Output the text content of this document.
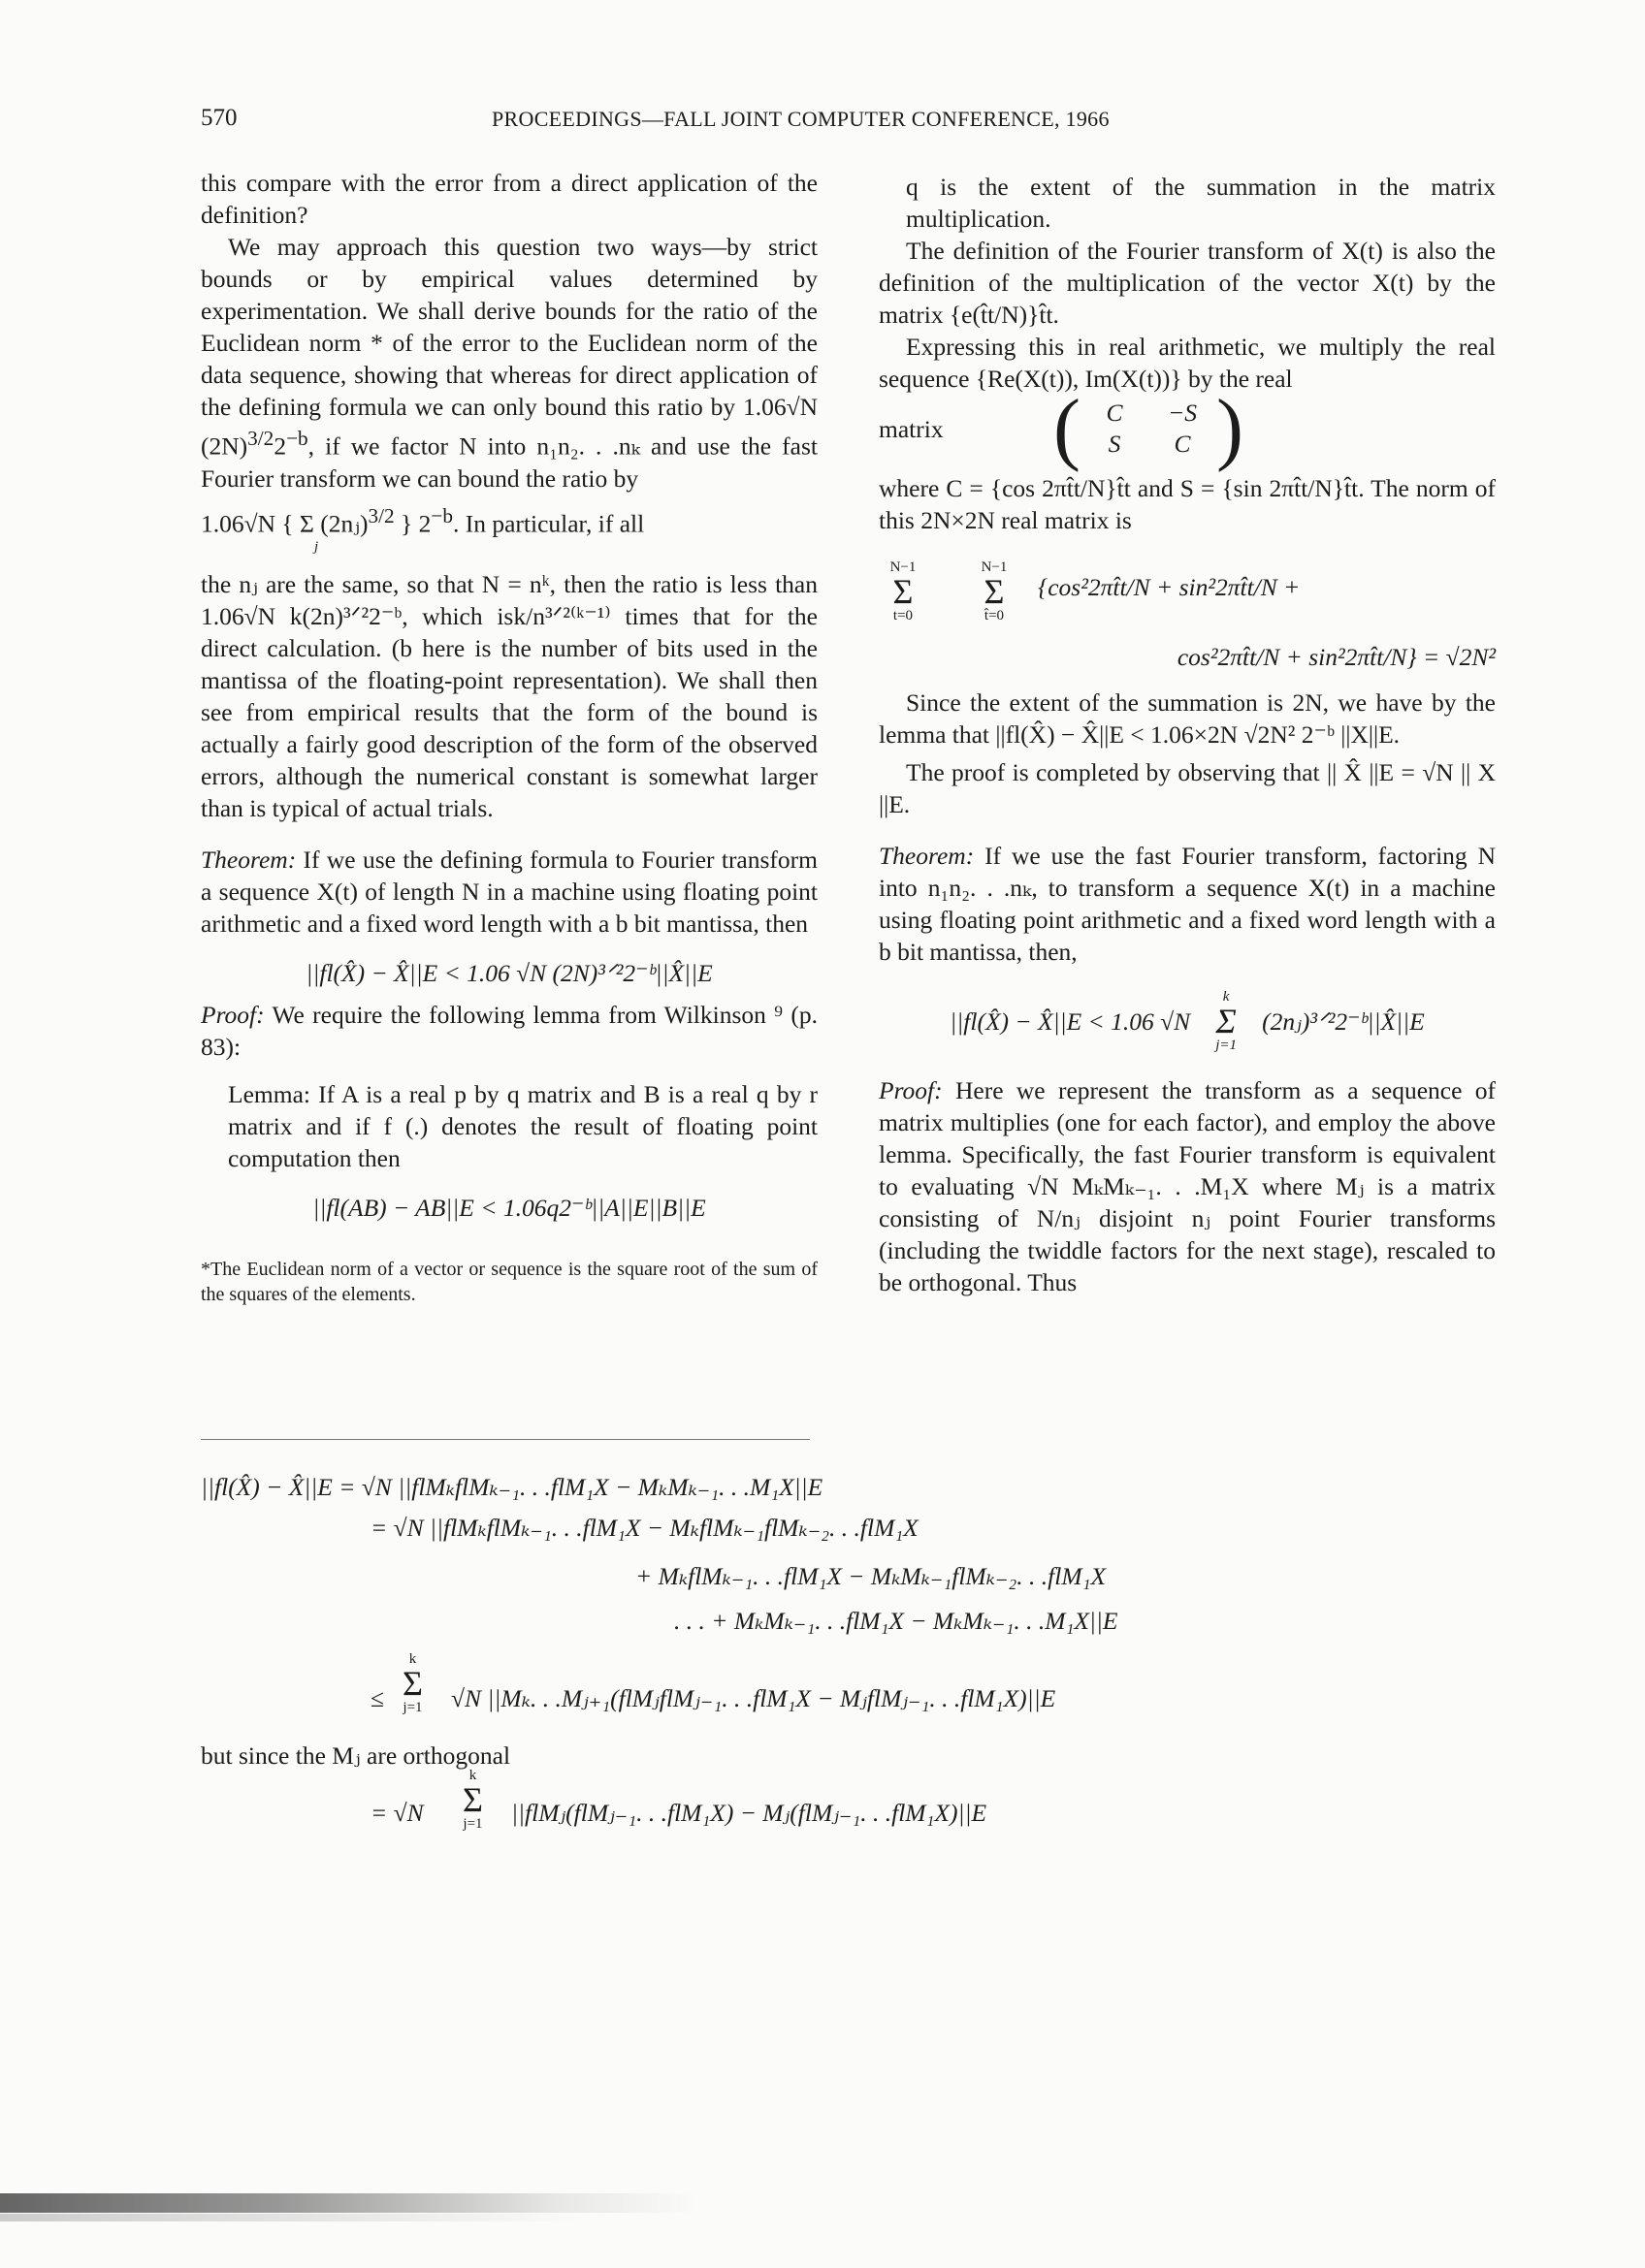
570	PROCEEDINGS—FALL JOINT COMPUTER CONFERENCE, 1966

this compare with the error from a direct application of the definition?

We may approach this question two ways—by strict bounds or by empirical values determined by experimentation. We shall derive bounds for the ratio of the Euclidean norm * of the error to the Euclidean norm of the data sequence, showing that whereas for direct application of the defining formula we can only bound this ratio by 1.06√N $(2N)^{3/2}2^{-b}$, if we factor N into n₁n₂. . .nₖ and use the fast Fourier transform we can bound the ratio by

1.06√N { Σ (2nⱼ)$^{3/2}$ } $2^{-b}$. In particular, if all

j

the nⱼ are the same, so that N = nᵏ, then the ratio is less than 1.06√N k(2n)³ᐟ²2⁻ᵇ, which isk/n³ᐟ²⁽ᵏ⁻¹⁾ times that for the direct calculation. (b here is the number of bits used in the mantissa of the floating-point representation). We shall then see from empirical results that the form of the bound is actually a fairly good description of the form of the observed errors, although the numerical constant is somewhat larger than is typical of actual trials.

Theorem: If we use the defining formula to Fourier transform a sequence X(t) of length N in a machine using floating point arithmetic and a fixed word length with a b bit mantissa, then

||fl(X̂) − X̂||E < 1.06 √N (2N)³ᐟ²2⁻ᵇ||X̂||E

Proof: We require the following lemma from Wilkinson ⁹ (p. 83):

Lemma: If A is a real p by q matrix and B is a real q by r matrix and if f (.) denotes the result of floating point computation then

||fl(AB) − AB||E < 1.06q2⁻ᵇ||A||E||B||E

*The Euclidean norm of a vector or sequence is the square root of the sum of the squares of the elements.

q is the extent of the summation in the matrix multiplication.

The definition of the Fourier transform of X(t) is also the definition of the multiplication of the vector X(t) by the matrix {e(t̂t/N)}t̂t.

Expressing this in real arithmetic, we multiply the real sequence {Re(X(t)), Im(X(t))} by the real

matrix	(	C	−S
S	C )

where C = {cos 2πt̂t/N}t̂t and S = {sin 2πt̂t/N}t̂t. The norm of this 2N×2N real matrix is

N−1
Σ
t=0
N−1
Σ
t̂=0
{cos²2πt̂t/N + sin²2πt̂t/N +
cos²2πt̂t/N + sin²2πt̂t/N} = √2N²

Since the extent of the summation is 2N, we have by the lemma that ||fl(X̂) − X̂||E < 1.06×2N √2N² 2⁻ᵇ ||X||E.

The proof is completed by observing that || X̂ ||E = √N || X ||E.

Theorem: If we use the fast Fourier transform, factoring N into n₁n₂. . .nₖ, to transform a sequence X(t) in a machine using floating point arithmetic and a fixed word length with a b bit mantissa, then,

||fl(X̂) − X̂||E < 1.06 √N
k
Σ
j=1
(2nⱼ)³ᐟ²2⁻ᵇ||X̂||E

Proof: Here we represent the transform as a sequence of matrix multiplies (one for each factor), and employ the above lemma. Specifically, the fast Fourier transform is equivalent to evaluating √N MₖMₖ₋₁. . .M₁X where Mⱼ is a matrix consisting of N/nⱼ disjoint nⱼ point Fourier transforms (including the twiddle factors for the next stage), rescaled to be orthogonal. Thus

||fl(X̂) − X̂||E = √N ||flMₖflMₖ₋₁. . .flM₁X − MₖMₖ₋₁. . .M₁X||E
= √N ||flMₖflMₖ₋₁. . .flM₁X − MₖflMₖ₋₁flMₖ₋₂. . .flM₁X
+ MₖflMₖ₋₁. . .flM₁X − MₖMₖ₋₁flMₖ₋₂. . .flM₁X
. . . + MₖMₖ₋₁. . .flM₁X − MₖMₖ₋₁. . .M₁X||E
≤
k
Σ
j=1 √N ||Mₖ. . .Mⱼ₊₁(flMⱼflMⱼ₋₁. . .flM₁X − MⱼflMⱼ₋₁. . .flM₁X)||E
but since the Mⱼ are orthogonal
= √N
k
Σ
j=1 ||flMⱼ(flMⱼ₋₁. . .flM₁X) − Mⱼ(flMⱼ₋₁. . .flM₁X)||E
